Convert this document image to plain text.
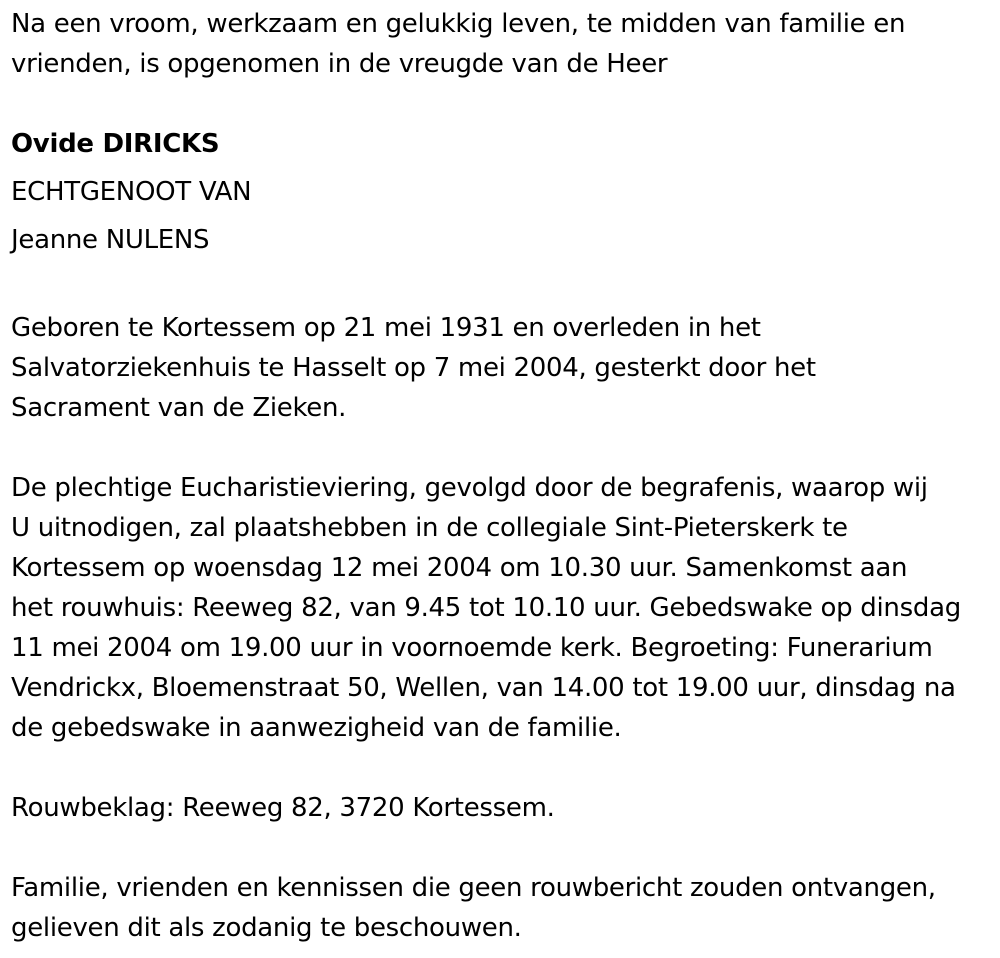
Na een vroom, werkzaam en gelukkig leven, te midden van familie en
vrienden, is opgenomen in de vreugde van de Heer

Ovide DIRICKS

ECHTGENOOT VAN

Jeanne NULENS

Geboren te Kortessem op 21 mei 1931 en overleden in het
Salvatorziekenhuis te Hasselt op 7 mei 2004, gesterkt door het
Sacrament van de Zieken.

De plechtige Eucharistieviering, gevolgd door de begrafenis, waarop wij
U uitnodigen, zal plaatshebben in de collegiale Sint-Pieterskerk te
Kortessem op woensdag 12 mei 2004 om 10.30 uur. Samenkomst aan
het rouwhuis: Reeweg 82, van 9.45 tot 10.10 uur. Gebedswake op dinsdag
11 mei 2004 om 19.00 uur in voornoemde kerk. Begroeting: Funerarium
Vendrickx, Bloemenstraat 50, Wellen, van 14.00 tot 19.00 uur, dinsdag na
de gebedswake in aanwezigheid van de familie.

Rouwbeklag: Reeweg 82, 3720 Kortessem.

Familie, vrienden en kennissen die geen rouwbericht zouden ontvangen,
gelieven dit als zodanig te beschouwen.
